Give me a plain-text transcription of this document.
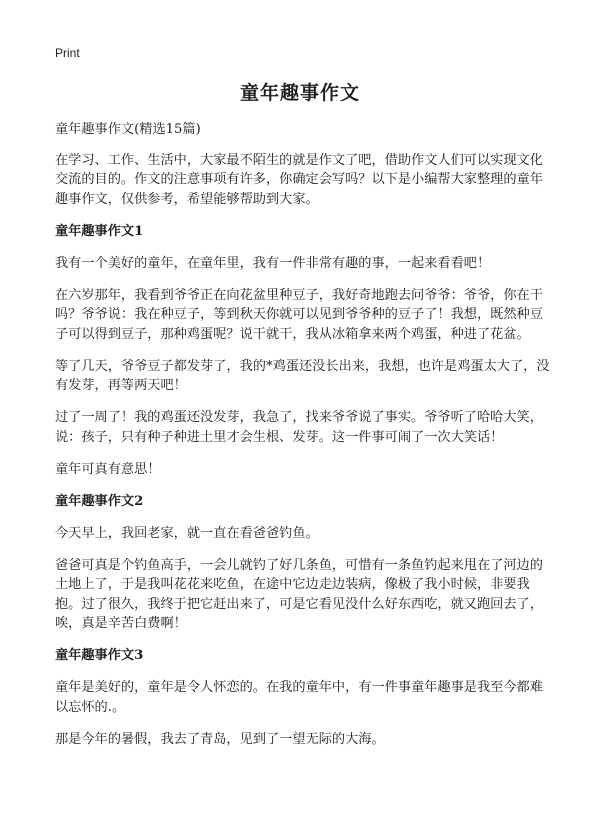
Print
童年趣事作文

童年趣事作文(精选15篇)

在学习、工作、生活中，大家最不陌生的就是作文了吧，借助作文人们可以实现文化交流的目的。作文的注意事项有许多，你确定会写吗？以下是小编帮大家整理的童年趣事作文，仅供参考，希望能够帮助到大家。

童年趣事作文1

我有一个美好的童年，在童年里，我有一件非常有趣的事，一起来看看吧！

在六岁那年，我看到爷爷正在向花盆里种豆子，我好奇地跑去问爷爷：爷爷，你在干吗？爷爷说：我在种豆子，等到秋天你就可以见到爷爷种的豆子了！我想，既然种豆子可以得到豆子，那种鸡蛋呢？说干就干，我从冰箱拿来两个鸡蛋，种进了花盆。

等了几天，爷爷豆子都发芽了，我的*鸡蛋还没长出来，我想，也许是鸡蛋太大了，没有发芽，再等两天吧！

过了一周了！我的鸡蛋还没发芽，我急了，找来爷爷说了事实。爷爷听了哈哈大笑，说：孩子，只有种子种进土里才会生根、发芽。这一件事可闹了一次大笑话！

童年可真有意思！

童年趣事作文2

今天早上，我回老家，就一直在看爸爸钓鱼。

爸爸可真是个钓鱼高手，一会儿就钓了好几条鱼，可惜有一条鱼钓起来甩在了河边的土地上了，于是我叫花花来吃鱼，在途中它边走边装病，像极了我小时候，非要我抱。过了很久，我终于把它赶出来了，可是它看见没什么好东西吃，就又跑回去了，唉，真是辛苦白费啊！

童年趣事作文3

童年是美好的，童年是令人怀恋的。在我的童年中，有一件事童年趣事是我至今都难以忘怀的.。

那是今年的暑假，我去了青岛，见到了一望无际的大海。
